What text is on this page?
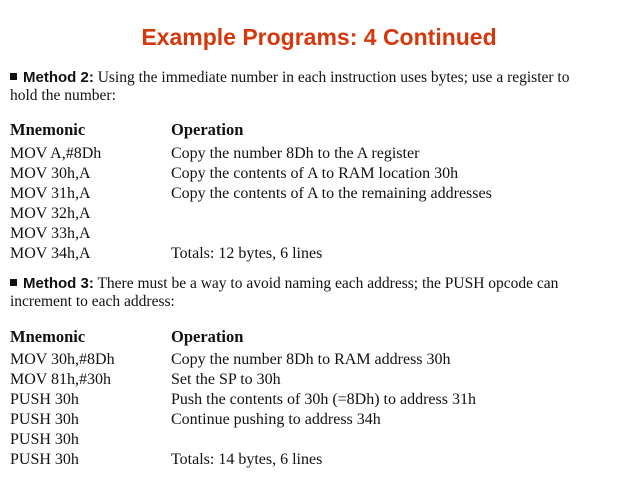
Example Programs: 4 Continued
Method 2: Using the immediate number in each instruction uses bytes; use a register to
hold the number:
Mnemonic	Operation
MOV A,#8Dh	Copy the number 8Dh to the A register
MOV 30h,A	Copy the contents of A to RAM location 30h
MOV 31h,A	Copy the contents of A to the remaining addresses
MOV 32h,A
MOV 33h,A
MOV 34h,A	Totals: 12 bytes, 6 lines
Method 3: There must be a way to avoid naming each address; the PUSH opcode can
increment to each address:
Mnemonic	Operation
MOV 30h,#8Dh	Copy the number 8Dh to RAM address 30h
MOV 81h,#30h	Set the SP to 30h
PUSH 30h	Push the contents of 30h (=8Dh) to address 31h
PUSH 30h	Continue pushing to address 34h
PUSH 30h
PUSH 30h	Totals: 14 bytes, 6 lines
